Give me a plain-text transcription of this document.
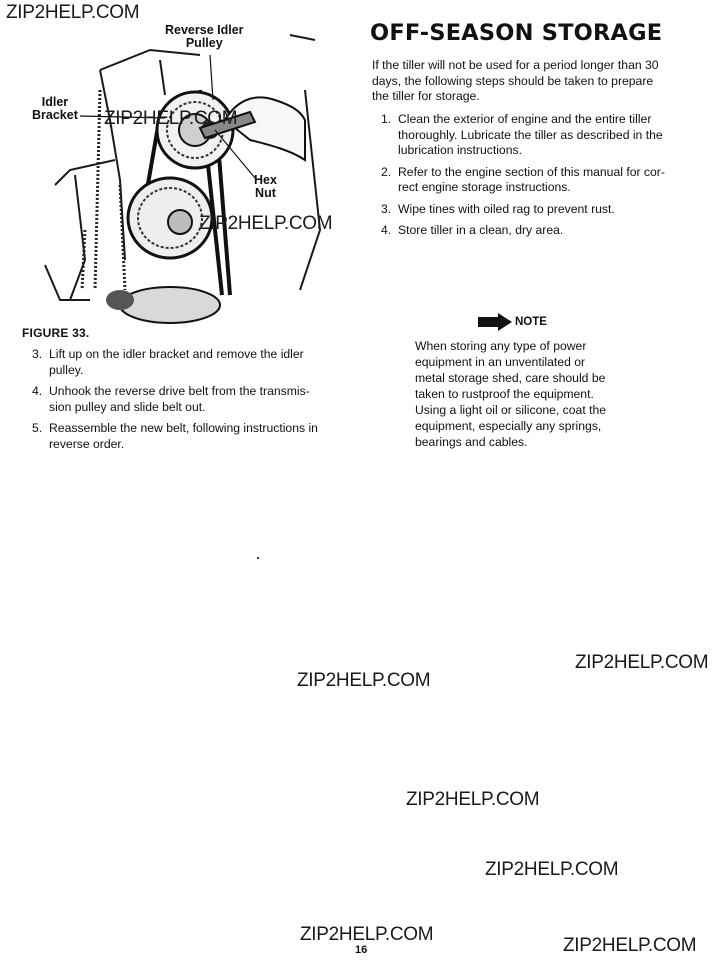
Reverse Idler
Pulley
Idler
Bracket
Hex
Nut
FIGURE 33.
3. Lift up on the idler bracket and remove the idler
pulley.
4. Unhook the reverse drive belt from the transmis-
sion pulley and slide belt out.
5. Reassemble the new belt, following instructions in
reverse order.
OFF-SEASON STORAGE

If the tiller will not be used for a period longer than 30
days, the following steps should be taken to prepare
the tiller for storage.

1. Clean the exterior of engine and the entire tiller
thoroughly. Lubricate the tiller as described in the
lubrication instructions.
2. Refer to the engine section of this manual for cor-
rect engine storage instructions.
3. Wipe tines with oiled rag to prevent rust.
4. Store tiller in a clean, dry area.
NOTE

When storing any type of power
equipment in an unventilated or
metal storage shed, care should be
taken to rustproof the equipment.
Using a light oil or silicone, coat the
equipment, especially any springs,
bearings and cables.

ZIP2HELP.COM
ZIP2HELP.COM
ZIP2HELP.COM
ZIP2HELP.COM
ZIP2HELP.COM
ZIP2HELP.COM
ZIP2HELP.COM
ZIP2HELP.COM
ZIP2HELP.COM
16
